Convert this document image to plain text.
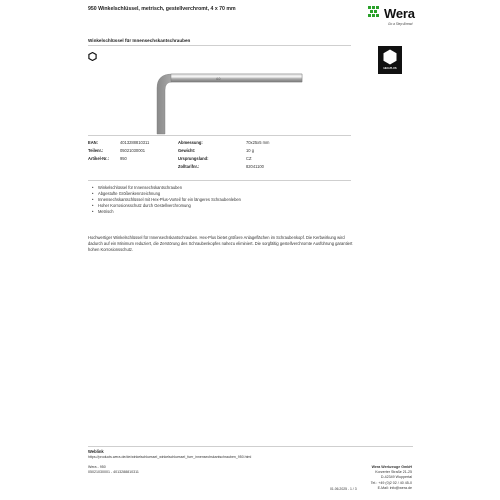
950 Winkelschlüssel, metrisch, gestellverchromt, 4 x 70 mm	Wera
Go a Step Ahead
Winkelschlüssel für Innensechskantschrauben
HEX-PLUS
4.0
EAN:	4013288810311	Abmessung:	70x25x5 mm
Teilenr.:	05021030001	Gewicht:	10 g
Artikel-Nr.:	950	Ursprungsland:	CZ
Zolltarifnr.:	82041100
• Winkelschlüssel für Innensechskantschrauben
• Abgestufte Größenkennzeichnung
• Innensechskantschlüssel mit Hex-Plus-Vorteil für ein längeres Schraubenleben
• Hoher Korrosionsschutz durch Gestellverchromung
• Metrisch
Hochwertiger Winkelschlüssel für Innensechskantschrauben. Hex-Plus bietet größere Anlageflächen im Schraubenkopf. Die Kerbwirkung wird dadurch auf ein Minimum reduziert, die Zerstörung des Schraubenkopfes nahezu eliminiert. Die sorgfältig gestellverchromte Ausführung garantiert hohen Korrosionsschutz.
Weblink
https://products.wera.de/de/winkelschluessel_winkelschluessel_fuer_innensechskantschrauben_950.html
Wera - 950
05021030001 - 4013288810311
Wera Werkzeuge GmbH
Korzerter Straße 21-25
D-42349 Wuppertal
Tel.: +49 (0)2 02 / 40 45-0
E-Mail: info@wera.de
01.06.2025 - 1 / 3
